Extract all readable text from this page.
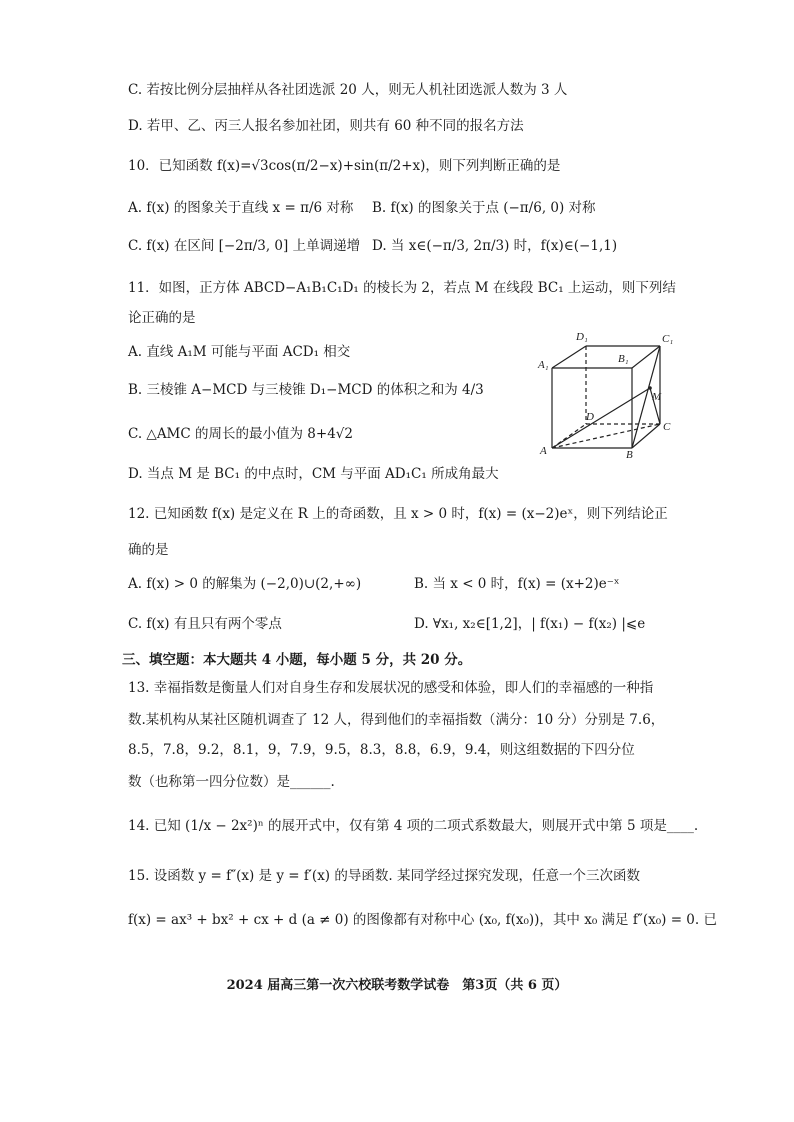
C. 若按比例分层抽样从各社团选派 20 人，则无人机社团选派人数为 3 人
D. 若甲、乙、丙三人报名参加社团，则共有 60 种不同的报名方法
10．已知函数 f(x)=√3cos(π/2−x)+sin(π/2+x)，则下列判断正确的是
A. f(x) 的图象关于直线 x = π/6 对称 B. f(x) 的图象关于点 (−π/6, 0) 对称
C. f(x) 在区间 [−2π/3, 0] 上单调递增 D. 当 x∈(−π/3, 2π/3) 时，f(x)∈(−1,1)
11．如图，正方体 ABCD−A₁B₁C₁D₁ 的棱长为 2，若点 M 在线段 BC₁ 上运动，则下列结
论正确的是
A. 直线 A₁M 可能与平面 ACD₁ 相交
B. 三棱锥 A−MCD 与三棱锥 D₁−MCD 的体积之和为 4/3
C. △AMC 的周长的最小值为 8+4√2
D. 当点 M 是 BC₁ 的中点时，CM 与平面 AD₁C₁ 所成角最大
D₁	C₁
A₁	B₁
D
C
A	B
M
12. 已知函数 f(x) 是定义在 R 上的奇函数，且 x > 0 时，f(x) = (x−2)eˣ，则下列结论正
确的是
A. f(x) > 0 的解集为 (−2,0)∪(2,+∞)	B. 当 x < 0 时，f(x) = (x+2)e⁻ˣ
C. f(x) 有且只有两个零点	D. ∀x₁, x₂∈[1,2]，| f(x₁) − f(x₂) |⩽e
三、填空题：本大题共 4 小题，每小题 5 分，共 20 分。
13. 幸福指数是衡量人们对自身生存和发展状况的感受和体验，即人们的幸福感的一种指
数.某机构从某社区随机调查了 12 人，得到他们的幸福指数（满分：10 分）分别是 7.6，
8.5，7.8，9.2，8.1，9，7.9，9.5，8.3，8.8，6.9，9.4，则这组数据的下四分位
数（也称第一四分位数）是______.
14. 已知 (1/x − 2x²)ⁿ 的展开式中，仅有第 4 项的二项式系数最大，则展开式中第 5 项是____.
15. 设函数 y = f″(x) 是 y = f′(x) 的导函数. 某同学经过探究发现，任意一个三次函数
f(x) = ax³ + bx² + cx + d (a ≠ 0) 的图像都有对称中心 (x₀, f(x₀))，其中 x₀ 满足 f″(x₀) = 0. 已
2024 届高三第一次六校联考数学试卷　第3页（共 6 页）
